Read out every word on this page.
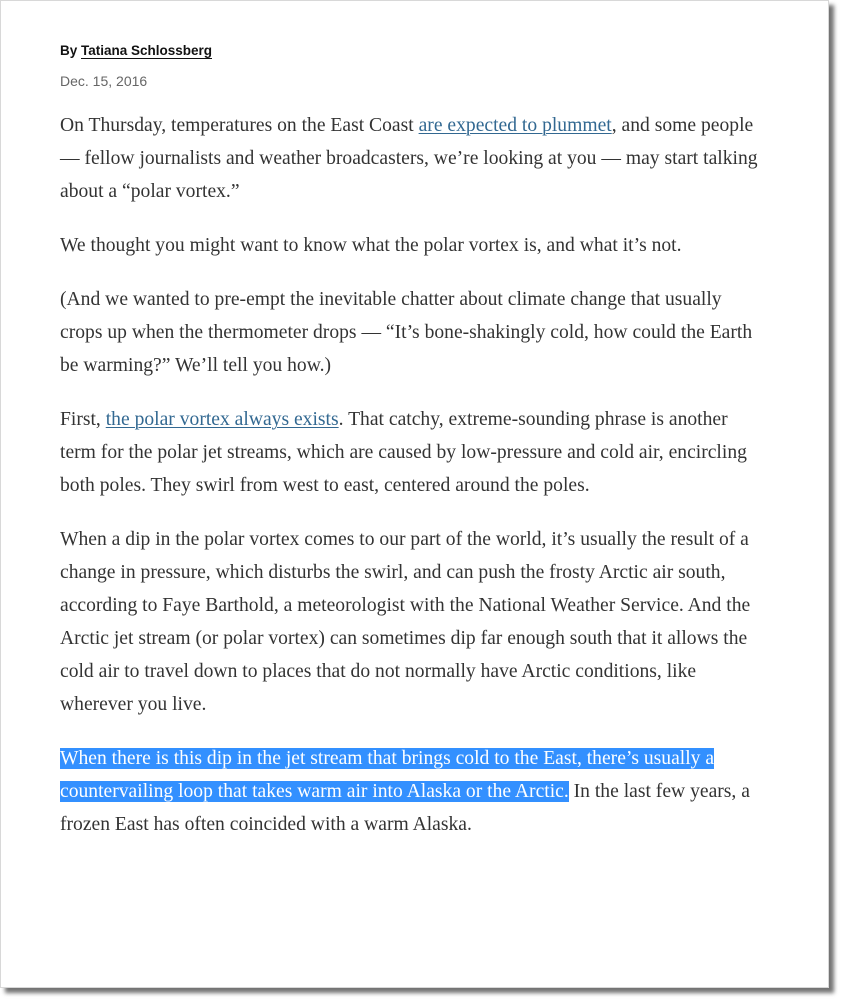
By Tatiana Schlossberg

Dec. 15, 2016

On Thursday, temperatures on the East Coast are expected to plummet, and some people — fellow journalists and weather broadcasters, we’re looking at you — may start talking about a “polar vortex.”

We thought you might want to know what the polar vortex is, and what it’s not.

(And we wanted to pre-empt the inevitable chatter about climate change that usually crops up when the thermometer drops — “It’s bone-shakingly cold, how could the Earth be warming?” We’ll tell you how.)

First, the polar vortex always exists. That catchy, extreme-sounding phrase is another term for the polar jet streams, which are caused by low-pressure and cold air, encircling both poles. They swirl from west to east, centered around the poles.

When a dip in the polar vortex comes to our part of the world, it’s usually the result of a change in pressure, which disturbs the swirl, and can push the frosty Arctic air south, according to Faye Barthold, a meteorologist with the National Weather Service. And the Arctic jet stream (or polar vortex) can sometimes dip far enough south that it allows the cold air to travel down to places that do not normally have Arctic conditions, like wherever you live.

When there is this dip in the jet stream that brings cold to the East, there’s usually a countervailing loop that takes warm air into Alaska or the Arctic. In the last few years, a frozen East has often coincided with a warm Alaska.
